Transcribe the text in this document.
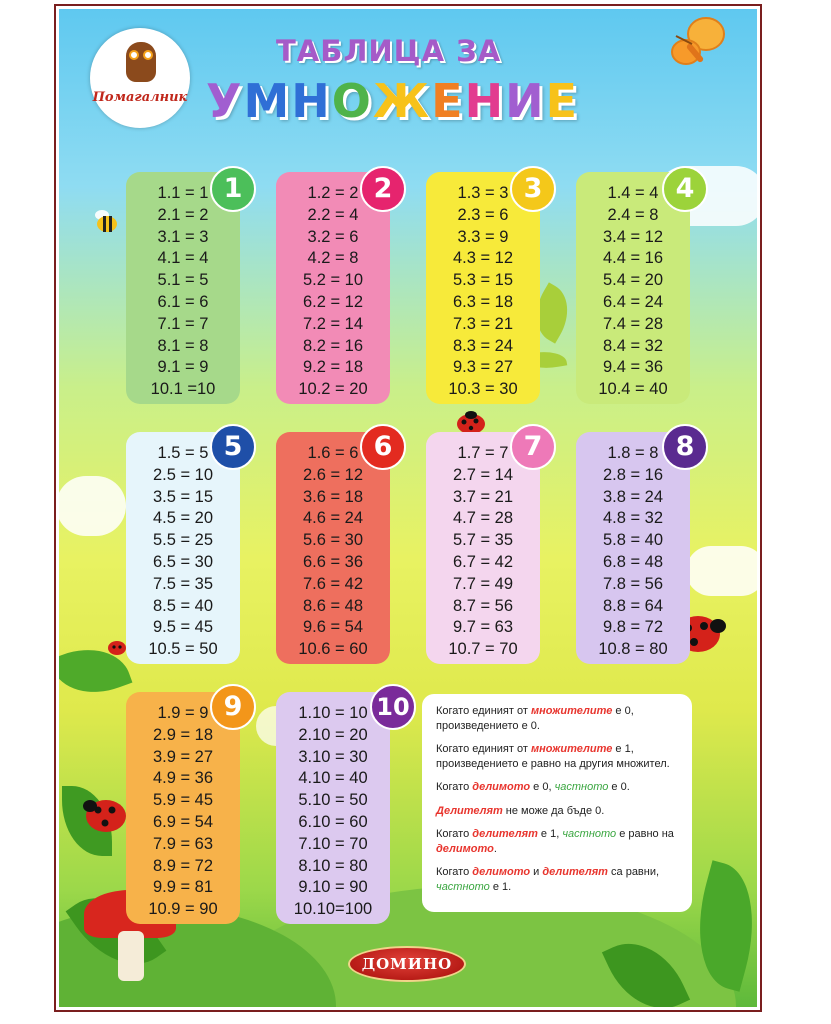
Помагалник
ТАБЛИЦА ЗА
УМНОЖЕНИЕ
1.1 = 1
2.1 = 2
3.1 = 3
4.1 = 4
5.1 = 5
6.1 = 6
7.1 = 7
8.1 = 8
9.1 = 9
10.1 =10
1	1.2 = 2
2.2 = 4
3.2 = 6
4.2 = 8
5.2 = 10
6.2 = 12
7.2 = 14
8.2 = 16
9.2 = 18
10.2 = 20
2	1.3 = 3
2.3 = 6
3.3 = 9
4.3 = 12
5.3 = 15
6.3 = 18
7.3 = 21
8.3 = 24
9.3 = 27
10.3 = 30
3	1.4 = 4
2.4 = 8
3.4 = 12
4.4 = 16
5.4 = 20
6.4 = 24
7.4 = 28
8.4 = 32
9.4 = 36
10.4 = 40
4
1.5 = 5
2.5 = 10
3.5 = 15
4.5 = 20
5.5 = 25
6.5 = 30
7.5 = 35
8.5 = 40
9.5 = 45
10.5 = 50
5	1.6 = 6
2.6 = 12
3.6 = 18
4.6 = 24
5.6 = 30
6.6 = 36
7.6 = 42
8.6 = 48
9.6 = 54
10.6 = 60
6	1.7 = 7
2.7 = 14
3.7 = 21
4.7 = 28
5.7 = 35
6.7 = 42
7.7 = 49
8.7 = 56
9.7 = 63
10.7 = 70
7	1.8 = 8
2.8 = 16
3.8 = 24
4.8 = 32
5.8 = 40
6.8 = 48
7.8 = 56
8.8 = 64
9.8 = 72
10.8 = 80
8
1.9 = 9
2.9 = 18
3.9 = 27
4.9 = 36
5.9 = 45
6.9 = 54
7.9 = 63
8.9 = 72
9.9 = 81
10.9 = 90
9	1.10 = 10
2.10 = 20
3.10 = 30
4.10 = 40
5.10 = 50
6.10 = 60
7.10 = 70
8.10 = 80
9.10 = 90
10.10=100
10	Когато единият от множителите е 0, произведението е 0.
Когато единият от множителите е 1, произведението е равно на другия множител.
Когато делимото е 0, частното е 0.
Делителят не може да бъде 0.
Когато делителят е 1, частното е равно на делимото.
Когато делимото и делителят са равни, частното е 1.
ДОМИНО
